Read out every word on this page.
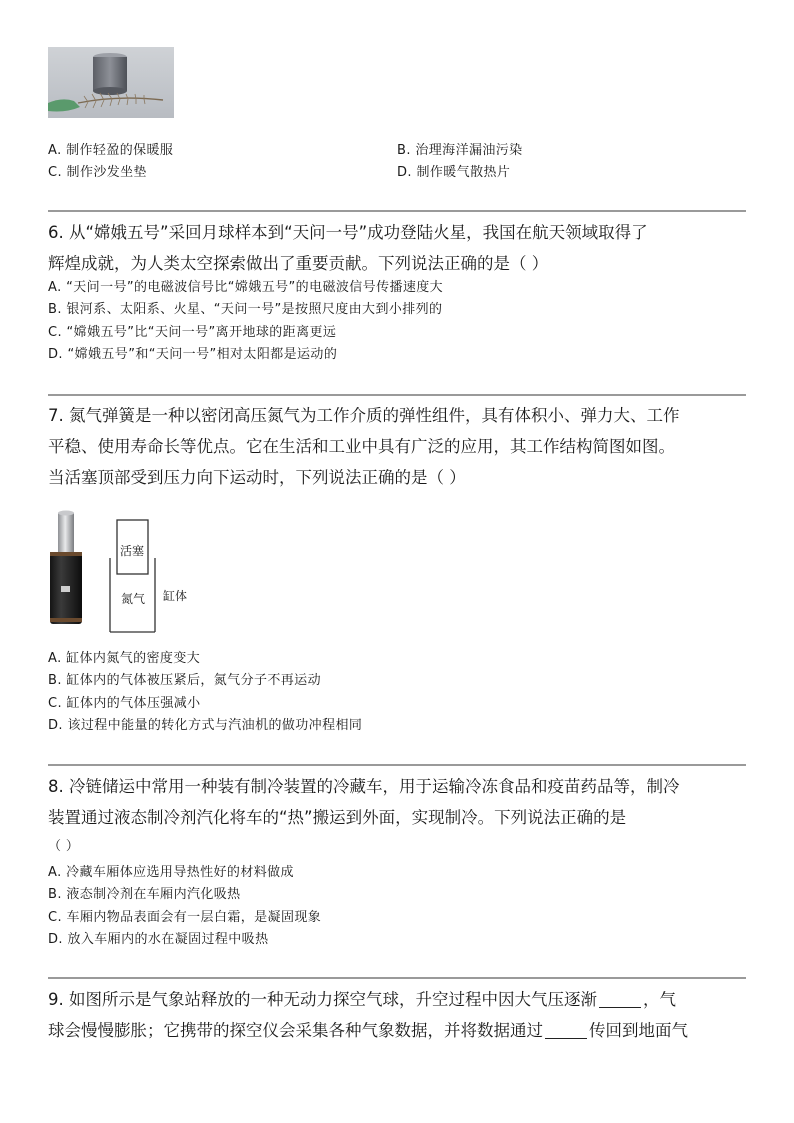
A. 制作轻盈的保暖服	B. 治理海洋漏油污染
C. 制作沙发坐垫	D. 制作暖气散热片
6. 从“嫦娥五号”采回月球样本到“天问一号”成功登陆火星，我国在航天领域取得了
辉煌成就，为人类太空探索做出了重要贡献。下列说法正确的是（ ）
A. “天问一号”的电磁波信号比“嫦娥五号”的电磁波信号传播速度大
B. 银河系、太阳系、火星、“天问一号”是按照尺度由大到小排列的
C. “嫦娥五号”比“天问一号”离开地球的距离更远
D. “嫦娥五号”和“天问一号”相对太阳都是运动的
7. 氮气弹簧是一种以密闭高压氮气为工作介质的弹性组件，具有体积小、弹力大、工作
平稳、使用寿命长等优点。它在生活和工业中具有广泛的应用，其工作结构简图如图。
当活塞顶部受到压力向下运动时，下列说法正确的是（ ）
活塞
氮气 缸体
A. 缸体内氮气的密度变大
B. 缸体内的气体被压紧后，氮气分子不再运动
C. 缸体内的气体压强减小
D. 该过程中能量的转化方式与汽油机的做功冲程相同
8. 冷链储运中常用一种装有制冷装置的冷藏车，用于运输冷冻食品和疫苗药品等，制冷
装置通过液态制冷剂汽化将车的“热”搬运到外面，实现制冷。下列说法正确的是
（ ）
A. 冷藏车厢体应选用导热性好的材料做成
B. 液态制冷剂在车厢内汽化吸热
C. 车厢内物品表面会有一层白霜，是凝固现象
D. 放入车厢内的水在凝固过程中吸热
9. 如图所示是气象站释放的一种无动力探空气球，升空过程中因大气压逐渐	，气
球会慢慢膨胀；它携带的探空仪会采集各种气象数据，并将数据通过	传回到地面气
